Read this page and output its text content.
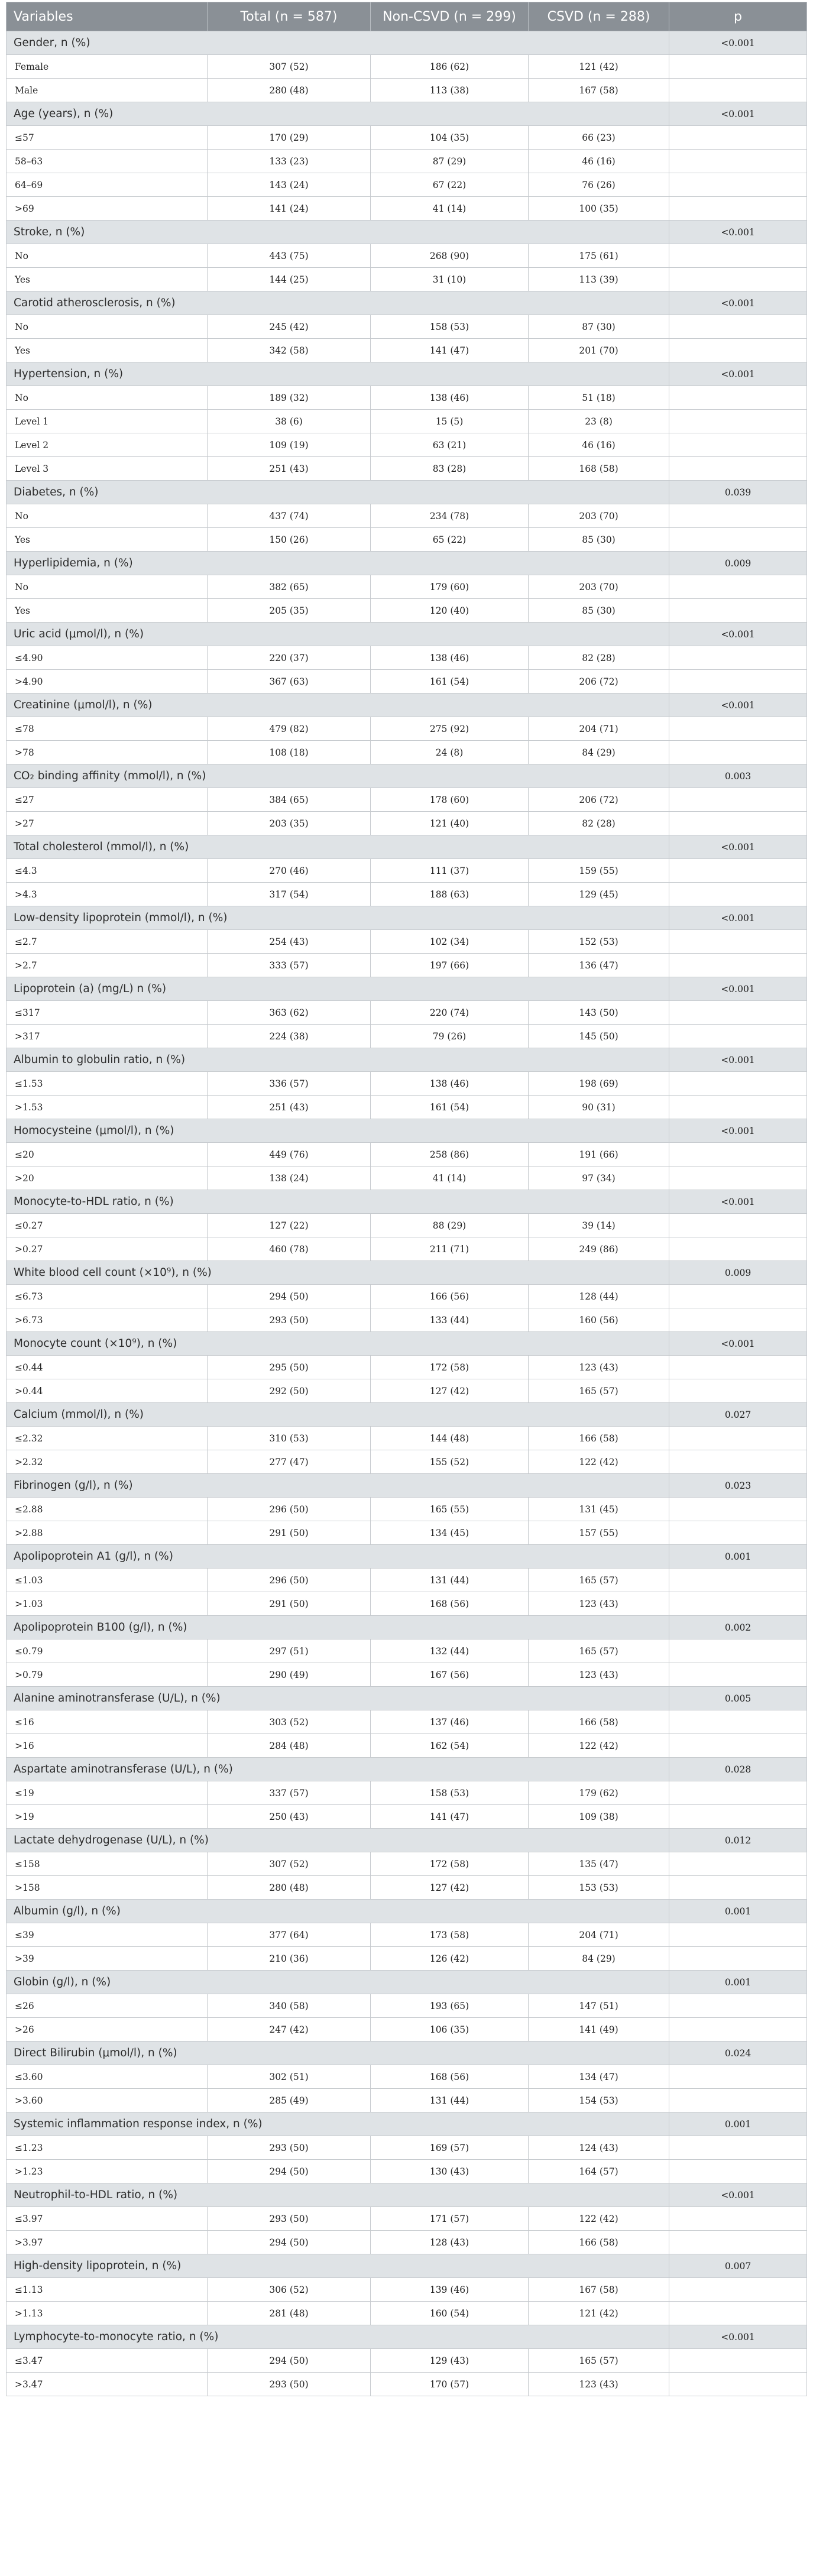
Variables	Total (n = 587)	Non-CSVD (n = 299)	CSVD (n = 288)	p
Gender, n (%)				<0.001
Female	307 (52)	186 (62)	121 (42)	
Male	280 (48)	113 (38)	167 (58)	
Age (years), n (%)				<0.001
≤57	170 (29)	104 (35)	66 (23)	
58–63	133 (23)	87 (29)	46 (16)	
64–69	143 (24)	67 (22)	76 (26)	
>69	141 (24)	41 (14)	100 (35)	
Stroke, n (%)				<0.001
No	443 (75)	268 (90)	175 (61)	
Yes	144 (25)	31 (10)	113 (39)	
Carotid atherosclerosis, n (%)				<0.001
No	245 (42)	158 (53)	87 (30)	
Yes	342 (58)	141 (47)	201 (70)	
Hypertension, n (%)				<0.001
No	189 (32)	138 (46)	51 (18)	
Level 1	38 (6)	15 (5)	23 (8)	
Level 2	109 (19)	63 (21)	46 (16)	
Level 3	251 (43)	83 (28)	168 (58)	
Diabetes, n (%)				0.039
No	437 (74)	234 (78)	203 (70)	
Yes	150 (26)	65 (22)	85 (30)	
Hyperlipidemia, n (%)				0.009
No	382 (65)	179 (60)	203 (70)	
Yes	205 (35)	120 (40)	85 (30)	
Uric acid (μmol/l), n (%)				<0.001
≤4.90	220 (37)	138 (46)	82 (28)	
>4.90	367 (63)	161 (54)	206 (72)	
Creatinine (μmol/l), n (%)				<0.001
≤78	479 (82)	275 (92)	204 (71)	
>78	108 (18)	24 (8)	84 (29)	
CO₂ binding affinity (mmol/l), n (%)				0.003
≤27	384 (65)	178 (60)	206 (72)	
>27	203 (35)	121 (40)	82 (28)	
Total cholesterol (mmol/l), n (%)				<0.001
≤4.3	270 (46)	111 (37)	159 (55)	
>4.3	317 (54)	188 (63)	129 (45)	
Low-density lipoprotein (mmol/l), n (%)				<0.001
≤2.7	254 (43)	102 (34)	152 (53)	
>2.7	333 (57)	197 (66)	136 (47)	
Lipoprotein (a) (mg/L) n (%)				<0.001
≤317	363 (62)	220 (74)	143 (50)	
>317	224 (38)	79 (26)	145 (50)	
Albumin to globulin ratio, n (%)				<0.001
≤1.53	336 (57)	138 (46)	198 (69)	
>1.53	251 (43)	161 (54)	90 (31)	
Homocysteine (μmol/l), n (%)				<0.001
≤20	449 (76)	258 (86)	191 (66)	
>20	138 (24)	41 (14)	97 (34)	
Monocyte-to-HDL ratio, n (%)				<0.001
≤0.27	127 (22)	88 (29)	39 (14)	
>0.27	460 (78)	211 (71)	249 (86)	
White blood cell count (×10⁹), n (%)				0.009
≤6.73	294 (50)	166 (56)	128 (44)	
>6.73	293 (50)	133 (44)	160 (56)	
Monocyte count (×10⁹), n (%)				<0.001
≤0.44	295 (50)	172 (58)	123 (43)	
>0.44	292 (50)	127 (42)	165 (57)	
Calcium (mmol/l), n (%)				0.027
≤2.32	310 (53)	144 (48)	166 (58)	
>2.32	277 (47)	155 (52)	122 (42)	
Fibrinogen (g/l), n (%)				0.023
≤2.88	296 (50)	165 (55)	131 (45)	
>2.88	291 (50)	134 (45)	157 (55)	
Apolipoprotein A1 (g/l), n (%)				0.001
≤1.03	296 (50)	131 (44)	165 (57)	
>1.03	291 (50)	168 (56)	123 (43)	
Apolipoprotein B100 (g/l), n (%)				0.002
≤0.79	297 (51)	132 (44)	165 (57)	
>0.79	290 (49)	167 (56)	123 (43)	
Alanine aminotransferase (U/L), n (%)				0.005
≤16	303 (52)	137 (46)	166 (58)	
>16	284 (48)	162 (54)	122 (42)	
Aspartate aminotransferase (U/L), n (%)				0.028
≤19	337 (57)	158 (53)	179 (62)	
>19	250 (43)	141 (47)	109 (38)	
Lactate dehydrogenase (U/L), n (%)				0.012
≤158	307 (52)	172 (58)	135 (47)	
>158	280 (48)	127 (42)	153 (53)	
Albumin (g/l), n (%)				0.001
≤39	377 (64)	173 (58)	204 (71)	
>39	210 (36)	126 (42)	84 (29)	
Globin (g/l), n (%)				0.001
≤26	340 (58)	193 (65)	147 (51)	
>26	247 (42)	106 (35)	141 (49)	
Direct Bilirubin (μmol/l), n (%)				0.024
≤3.60	302 (51)	168 (56)	134 (47)	
>3.60	285 (49)	131 (44)	154 (53)	
Systemic inflammation response index, n (%)				0.001
≤1.23	293 (50)	169 (57)	124 (43)	
>1.23	294 (50)	130 (43)	164 (57)	
Neutrophil-to-HDL ratio, n (%)				<0.001
≤3.97	293 (50)	171 (57)	122 (42)	
>3.97	294 (50)	128 (43)	166 (58)	
High-density lipoprotein, n (%)				0.007
≤1.13	306 (52)	139 (46)	167 (58)	
>1.13	281 (48)	160 (54)	121 (42)	
Lymphocyte-to-monocyte ratio, n (%)				<0.001
≤3.47	294 (50)	129 (43)	165 (57)	
>3.47	293 (50)	170 (57)	123 (43)	
